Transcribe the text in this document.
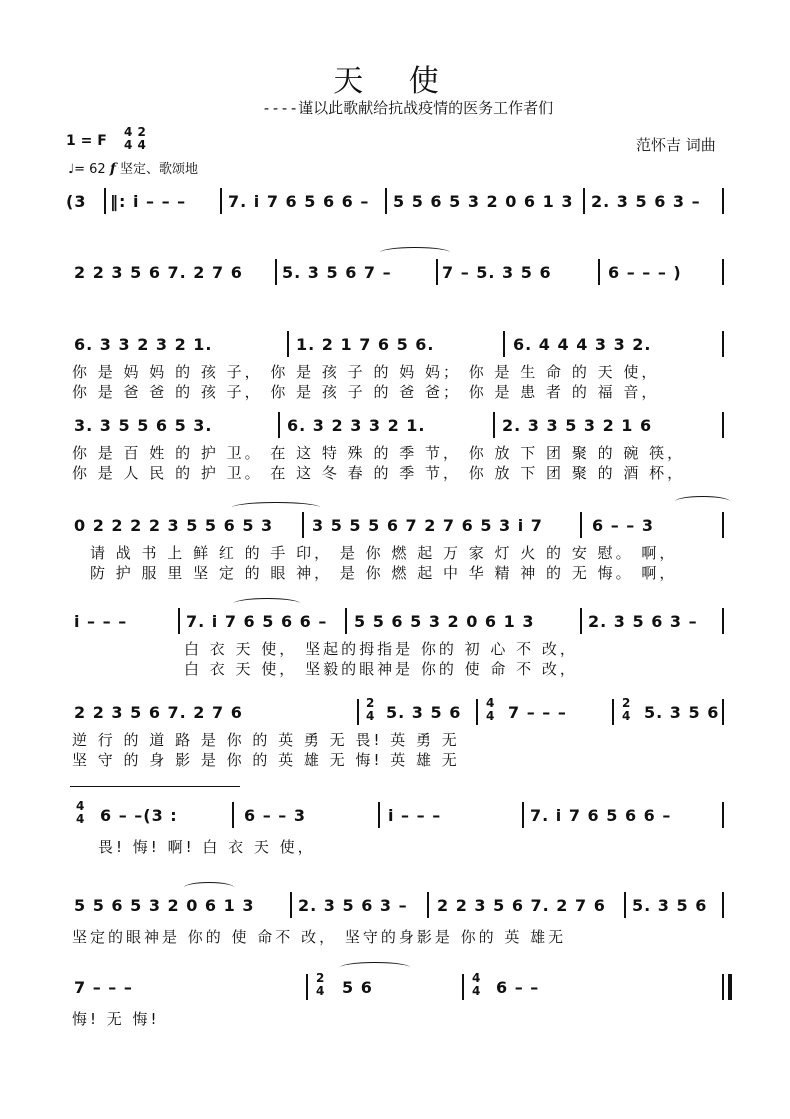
天 使
----谨以此歌献给抗战疫情的医务工作者们
1 = F
4
4

2
4	范怀吉 词曲
♩= 62 f 坚定、歌颂地
(3 ‖: i – – –	7. i 7 6 5 6 6 – 5 5 6 5 3 2 0 6 1 3 2. 3 5 6 3 –
2 2 3 5 6 7. 2 7 6 5. 3 5 6 7 –	7 – 5. 3 5 6	6 – – – )
6. 3 3 2 3 2 1.	1. 2 1 7 6 5 6.	6. 4 4 4 3 3 2.
你 是 妈 妈 的 孩 子， 你 是 孩 子 的 妈 妈； 你 是 生 命 的 天 使，
你 是 爸 爸 的 孩 子， 你 是 孩 子 的 爸 爸； 你 是 患 者 的 福 音，
3. 3 5 5 6 5 3.	6. 3 2 3 3 2 1.	2. 3 3 5 3 2 1 6
你 是 百 姓 的 护 卫。 在 这 特 殊 的 季 节， 你 放 下 团 聚 的 碗 筷，
你 是 人 民 的 护 卫。 在 这 冬 春 的 季 节， 你 放 下 团 聚 的 酒 杯，
0 2 2 2 2 3 5 5 6 5 3 3 5 5 5 6 7 2 7 6 5 3 i 7	6 – – 3
请 战 书 上 鲜 红 的 手 印， 是 你 燃 起 万 家 灯 火 的 安 慰。 啊，
防 护 服 里 坚 定 的 眼 神， 是 你 燃 起 中 华 精 神 的 无 悔。 啊，
i – – –	7. i 7 6 5 6 6 – 5 5 6 5 3 2 0 6 1 3	2. 3 5 6 3 –
白 衣 天 使， 坚起的拇指是 你的 初 心 不 改，
白 衣 天 使， 坚毅的眼神是 你的 使 命 不 改，
2 2 3 5 6 7. 2 7 6	2
4 5. 3 5 6 4
4 7 – – –	2
4 5. 3 5 6
逆 行 的 道 路 是 你 的 英 勇 无 畏! 英 勇 无
坚 守 的 身 影 是 你 的 英 雄 无 悔! 英 雄 无
4
4 6 – –(3 :	6 – – 3	i – – –	7. i 7 6 5 6 6 –
畏! 悔! 啊! 白 衣 天 使，
5 5 6 5 3 2 0 6 1 3	2. 3 5 6 3 – 2 2 3 5 6 7. 2 7 6 5. 3 5 6
坚定的眼神是 你的 使 命不 改， 坚守的身影是 你的 英 雄无
7 – – –	2
4 5 6	4
4 6 – –
悔! 无 悔!
